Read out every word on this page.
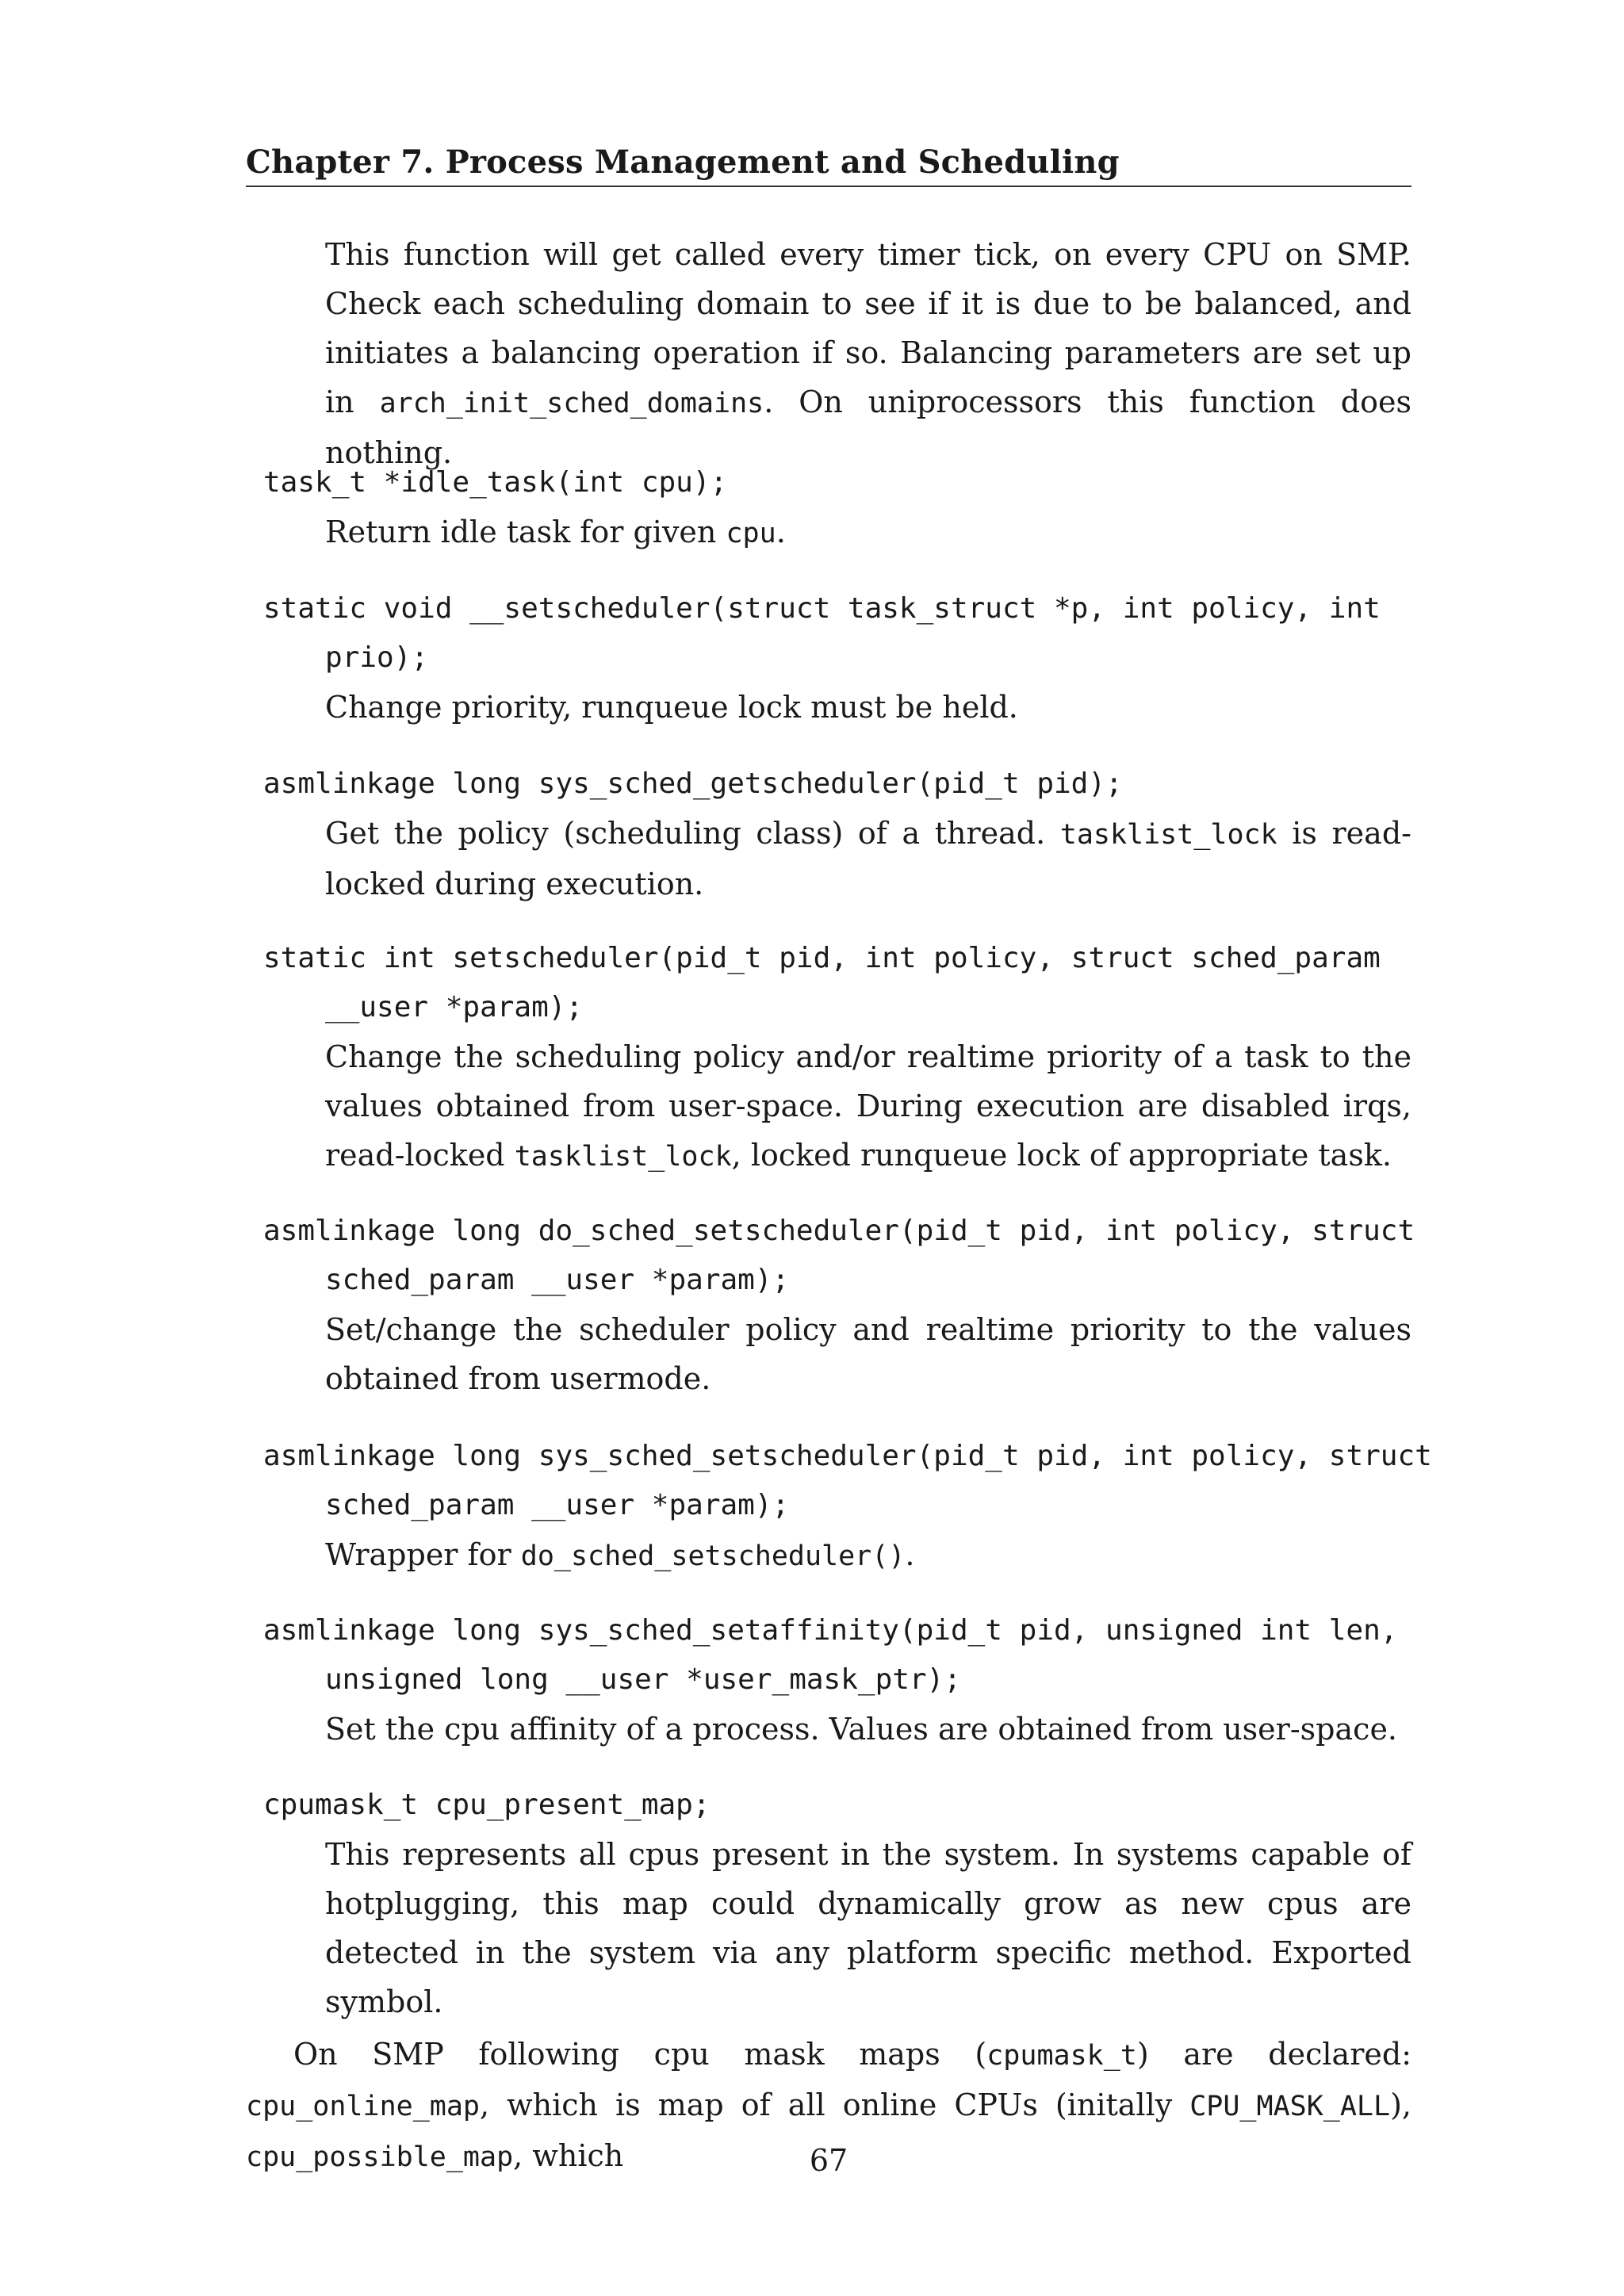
Chapter 7. Process Management and Scheduling
This function will get called every timer tick, on every CPU on SMP. Check each scheduling domain to see if it is due to be balanced, and initiates a balancing operation if so. Balancing parameters are set up in arch_init_sched_domains. On uniprocessors this function does nothing.
task_t *idle_task(int cpu);
Return idle task for given cpu.
static void __setscheduler(struct task_struct *p, int policy, int
prio);
Change priority, runqueue lock must be held.
asmlinkage long sys_sched_getscheduler(pid_t pid);
Get the policy (scheduling class) of a thread. tasklist_lock is read-locked during execution.
static int setscheduler(pid_t pid, int policy, struct sched_param
__user *param);
Change the scheduling policy and/or realtime priority of a task to the values obtained from user-space. During execution are disabled irqs, read-locked tasklist_lock, locked runqueue lock of appropriate task.
asmlinkage long do_sched_setscheduler(pid_t pid, int policy, struct
sched_param __user *param);
Set/change the scheduler policy and realtime priority to the values obtained from usermode.
asmlinkage long sys_sched_setscheduler(pid_t pid, int policy, struct
sched_param __user *param);
Wrapper for do_sched_setscheduler().
asmlinkage long sys_sched_setaffinity(pid_t pid, unsigned int len,
unsigned long __user *user_mask_ptr);
Set the cpu affinity of a process. Values are obtained from user-space.
cpumask_t cpu_present_map;
This represents all cpus present in the system. In systems capable of hotplugging, this map could dynamically grow as new cpus are detected in the system via any platform specific method. Exported symbol.
On SMP following cpu mask maps (cpumask_t) are declared: cpu_online_map, which is map of all online CPUs (initally CPU_MASK_ALL), cpu_possible_map, which	67
